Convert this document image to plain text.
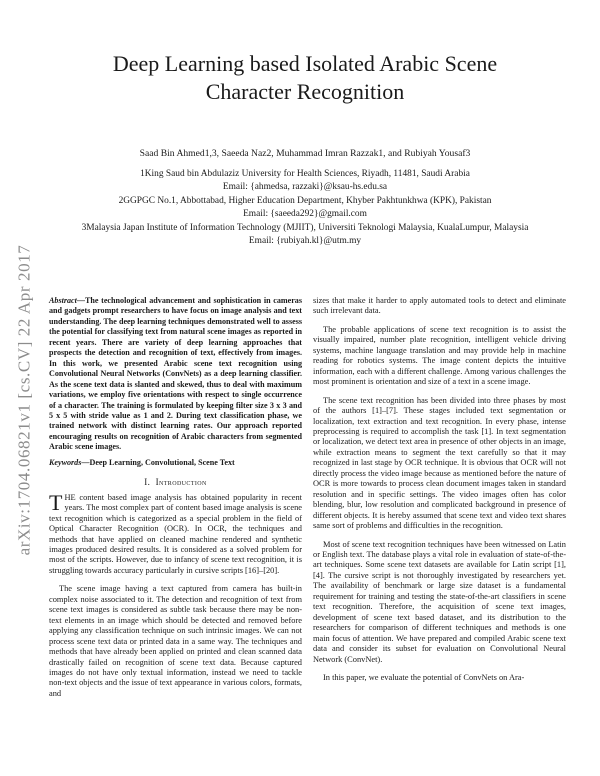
arXiv:1704.06821v1 [cs.CV] 22 Apr 2017
Deep Learning based Isolated Arabic Scene Character Recognition
Saad Bin Ahmed1,3, Saeeda Naz2, Muhammad Imran Razzak1, and Rubiyah Yousaf3
1King Saud bin Abdulaziz University for Health Sciences, Riyadh, 11481, Saudi Arabia
Email: {ahmedsa, razzaki}@ksau-hs.edu.sa
2GGPGC No.1, Abbottabad, Higher Education Department, Khyber Pakhtunkhwa (KPK), Pakistan
Email: {saeeda292}@gmail.com
3Malaysia Japan Institute of Information Technology (MJIIT), Universiti Teknologi Malaysia, KualaLumpur, Malaysia
Email: {rubiyah.kl}@utm.my

Abstract—The technological advancement and sophistication in cameras and gadgets prompt researchers to have focus on image analysis and text understanding. The deep learning techniques demonstrated well to assess the potential for classifying text from natural scene images as reported in recent years. There are variety of deep learning approaches that prospects the detection and recognition of text, effectively from images. In this work, we presented Arabic scene text recognition using Convolutional Neural Networks (ConvNets) as a deep learning classifier. As the scene text data is slanted and skewed, thus to deal with maximum variations, we employ five orientations with respect to single occurrence of a character. The training is formulated by keeping filter size 3 x 3 and 5 x 5 with stride value as 1 and 2. During text classification phase, we trained network with distinct learning rates. Our approach reported encouraging results on recognition of Arabic characters from segmented Arabic scene images.

Keywords—Deep Learning, Convolutional, Scene Text

I. Introduction

THE content based image analysis has obtained popularity in recent years. The most complex part of content based image analysis is scene text recognition which is categorized as a special problem in the field of Optical Character Recognition (OCR). In OCR, the techniques and methods that have applied on cleaned machine rendered and synthetic images produced desired results. It is considered as a solved problem for most of the scripts. However, due to infancy of scene text recognition, it is struggling towards accuracy particularly in cursive scripts [16]–[20].

The scene image having a text captured from camera has built-in complex noise associated to it. The detection and recognition of text from scene text images is considered as subtle task because there may be non-text elements in an image which should be detected and removed before applying any classification technique on such intrinsic images. We can not process scene text data or printed data in a same way. The techniques and methods that have already been applied on printed and clean scanned data drastically failed on recognition of scene text data. Because captured images do not have only textual information, instead we need to tackle non-text objects and the issue of text appearance in various colors, formats, and

sizes that make it harder to apply automated tools to detect and eliminate such irrelevant data.

The probable applications of scene text recognition is to assist the visually impaired, number plate recognition, intelligent vehicle driving systems, machine language translation and may provide help in machine reading for robotics systems. The image content depicts the intuitive information, each with a different challenge. Among various challenges the most prominent is orientation and size of a text in a scene image.

The scene text recognition has been divided into three phases by most of the authors [1]–[7]. These stages included text segmentation or localization, text extraction and text recognition. In every phase, intense preprocessing is required to accomplish the task [1]. In text segmentation or localization, we detect text area in presence of other objects in an image, while extraction means to segment the text carefully so that it may recognized in last stage by OCR technique. It is obvious that OCR will not directly process the video image because as mentioned before the nature of OCR is more towards to process clean document images taken in standard resolution and in specific settings. The video images often has color blending, blur, low resolution and complicated background in presence of different objects. It is hereby assumed that scene text and video text shares same sort of problems and difficulties in the recognition.

Most of scene text recognition techniques have been witnessed on Latin or English text. The database plays a vital role in evaluation of state-of-the-art techniques. Some scene text datasets are available for Latin script [1], [4]. The cursive script is not thoroughly investigated by researchers yet. The availability of benchmark or large size dataset is a fundamental requirement for training and testing the state-of-the-art classifiers in scene text recognition. Therefore, the acquisition of scene text images, development of scene text based dataset, and its distribution to the researchers for comparison of different techniques and methods is one main focus of attention. We have prepared and compiled Arabic scene text data and consider its subset for evaluation on Convolutional Neural Network (ConvNet).

In this paper, we evaluate the potential of ConvNets on Ara-
